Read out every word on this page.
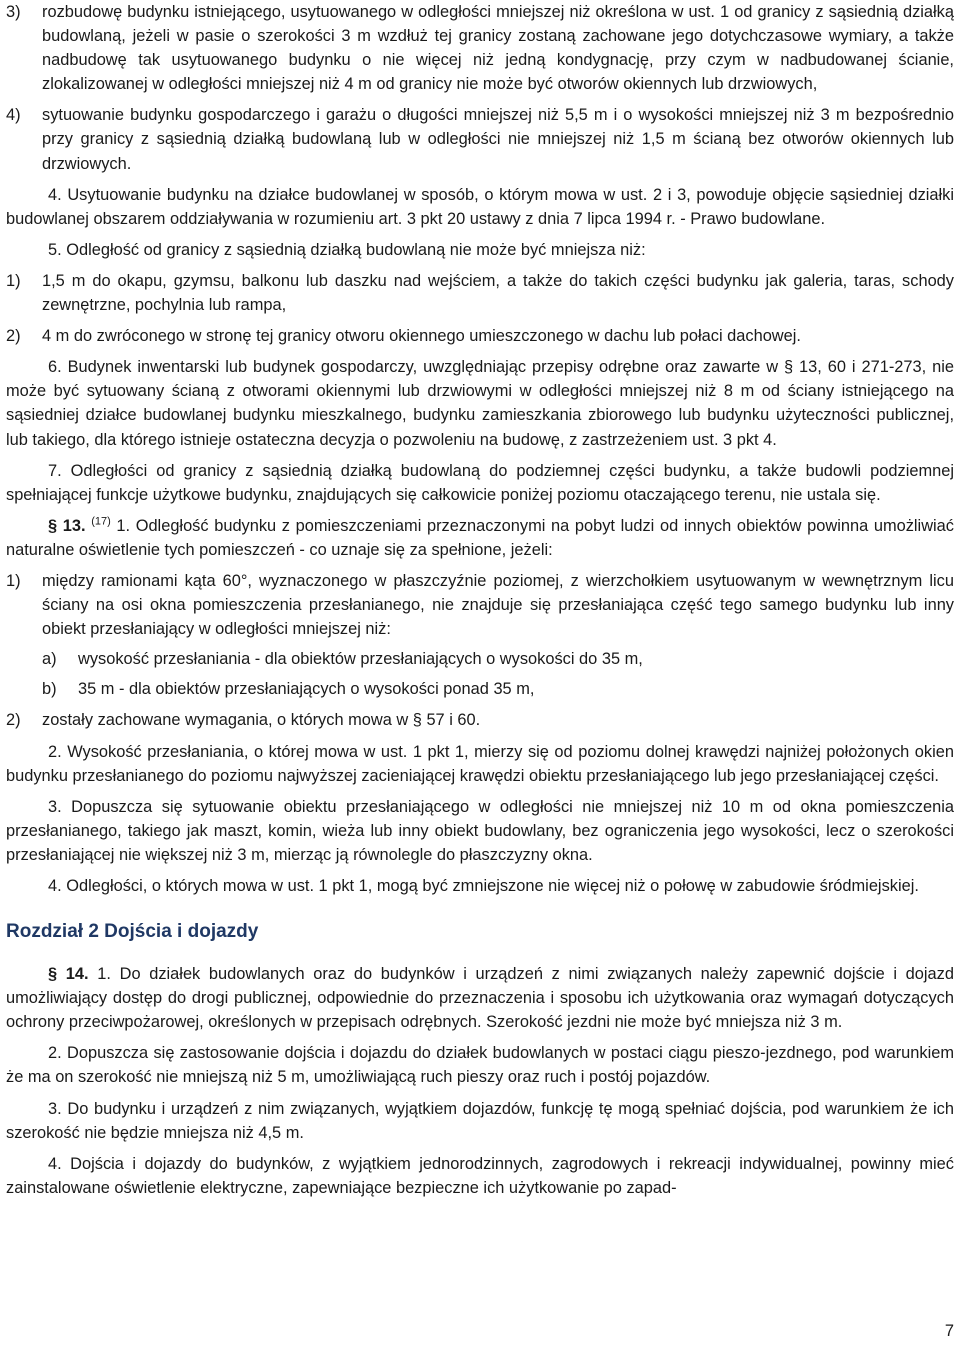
3)	rozbudowę budynku istniejącego, usytuowanego w odległości mniejszej niż określona w ust. 1 od granicy z sąsiednią działką budowlaną, jeżeli w pasie o szerokości 3 m wzdłuż tej granicy zostaną zachowane jego dotychczasowe wymiary, a także nadbudowę tak usytuowanego budynku o nie więcej niż jedną kondygnację, przy czym w nadbudowanej ścianie, zlokalizowanej w odległości mniejszej niż 4 m od granicy nie może być otworów okiennych lub drzwiowych,
4)	sytuowanie budynku gospodarczego i garażu o długości mniejszej niż 5,5 m i o wysokości mniejszej niż 3 m bezpośrednio przy granicy z sąsiednią działką budowlaną lub w odległości nie mniejszej niż 1,5 m ścianą bez otworów okiennych lub drzwiowych.

4. Usytuowanie budynku na działce budowlanej w sposób, o którym mowa w ust. 2 i 3, powoduje objęcie sąsiedniej działki budowlanej obszarem oddziaływania w rozumieniu art. 3 pkt 20 ustawy z dnia 7 lipca 1994 r. - Prawo budowlane.

5. Odległość od granicy z sąsiednią działką budowlaną nie może być mniejsza niż:

1)	1,5 m do okapu, gzymsu, balkonu lub daszku nad wejściem, a także do takich części budynku jak galeria, taras, schody zewnętrzne, pochylnia lub rampa,
2)	4 m do zwróconego w stronę tej granicy otworu okiennego umieszczonego w dachu lub połaci dachowej.

6. Budynek inwentarski lub budynek gospodarczy, uwzględniając przepisy odrębne oraz zawarte w § 13, 60 i 271-273, nie może być sytuowany ścianą z otworami okiennymi lub drzwiowymi w odległości mniejszej niż 8 m od ściany istniejącego na sąsiedniej działce budowlanej budynku mieszkalnego, budynku zamieszkania zbiorowego lub budynku użyteczności publicznej, lub takiego, dla którego istnieje ostateczna decyzja o pozwoleniu na budowę, z zastrzeżeniem ust. 3 pkt 4.

7. Odległości od granicy z sąsiednią działką budowlaną do podziemnej części budynku, a także budowli podziemnej spełniającej funkcje użytkowe budynku, znajdujących się całkowicie poniżej poziomu otaczającego terenu, nie ustala się.

§ 13. $^{(17)}$ 1. Odległość budynku z pomieszczeniami przeznaczonymi na pobyt ludzi od innych obiektów powinna umożliwiać naturalne oświetlenie tych pomieszczeń - co uznaje się za spełnione, jeżeli:

1)	między ramionami kąta 60°, wyznaczonego w płaszczyźnie poziomej, z wierzchołkiem usytuowanym w wewnętrznym licu ściany na osi okna pomieszczenia przesłanianego, nie znajduje się przesłaniająca część tego samego budynku lub inny obiekt przesłaniający w odległości mniejszej niż:
a)	wysokość przesłaniania - dla obiektów przesłaniających o wysokości do 35 m,
b)	35 m - dla obiektów przesłaniających o wysokości ponad 35 m,
2)	zostały zachowane wymagania, o których mowa w § 57 i 60.

2. Wysokość przesłaniania, o której mowa w ust. 1 pkt 1, mierzy się od poziomu dolnej krawędzi najniżej położonych okien budynku przesłanianego do poziomu najwyższej zacieniającej krawędzi obiektu przesłaniającego lub jego przesłaniającej części.

3. Dopuszcza się sytuowanie obiektu przesłaniającego w odległości nie mniejszej niż 10 m od okna pomieszczenia przesłanianego, takiego jak maszt, komin, wieża lub inny obiekt budowlany, bez ograniczenia jego wysokości, lecz o szerokości przesłaniającej nie większej niż 3 m, mierząc ją równolegle do płaszczyzny okna.

4. Odległości, o których mowa w ust. 1 pkt 1, mogą być zmniejszone nie więcej niż o połowę w zabudowie śródmiejskiej.

Rozdział 2 Dojścia i dojazdy

§ 14. 1. Do działek budowlanych oraz do budynków i urządzeń z nimi związanych należy zapewnić dojście i dojazd umożliwiający dostęp do drogi publicznej, odpowiednie do przeznaczenia i sposobu ich użytkowania oraz wymagań dotyczących ochrony przeciwpożarowej, określonych w przepisach odrębnych. Szerokość jezdni nie może być mniejsza niż 3 m.

2. Dopuszcza się zastosowanie dojścia i dojazdu do działek budowlanych w postaci ciągu pieszo-jezdnego, pod warunkiem że ma on szerokość nie mniejszą niż 5 m, umożliwiającą ruch pieszy oraz ruch i postój pojazdów.

3. Do budynku i urządzeń z nim związanych, wyjątkiem dojazdów, funkcję tę mogą spełniać dojścia, pod warunkiem że ich szerokość nie będzie mniejsza niż 4,5 m.

4. Dojścia i dojazdy do budynków, z wyjątkiem jednorodzinnych, zagrodowych i rekreacji indywidualnej, powinny mieć zainstalowane oświetlenie elektryczne, zapewniające bezpieczne ich użytkowanie po zapad-

7
